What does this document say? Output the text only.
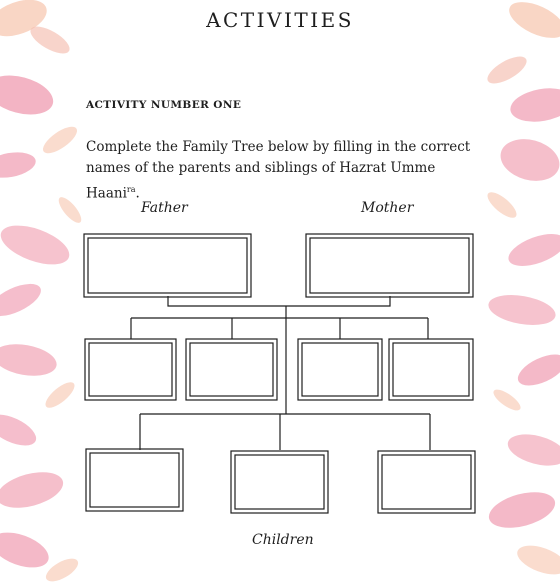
ACTIVITIES
ACTIVITY NUMBER ONE
Complete the Family Tree below by filling in the correct names of the parents and siblings of Hazrat Umme Haani$^{ra}$.
Father	Mother
Children
